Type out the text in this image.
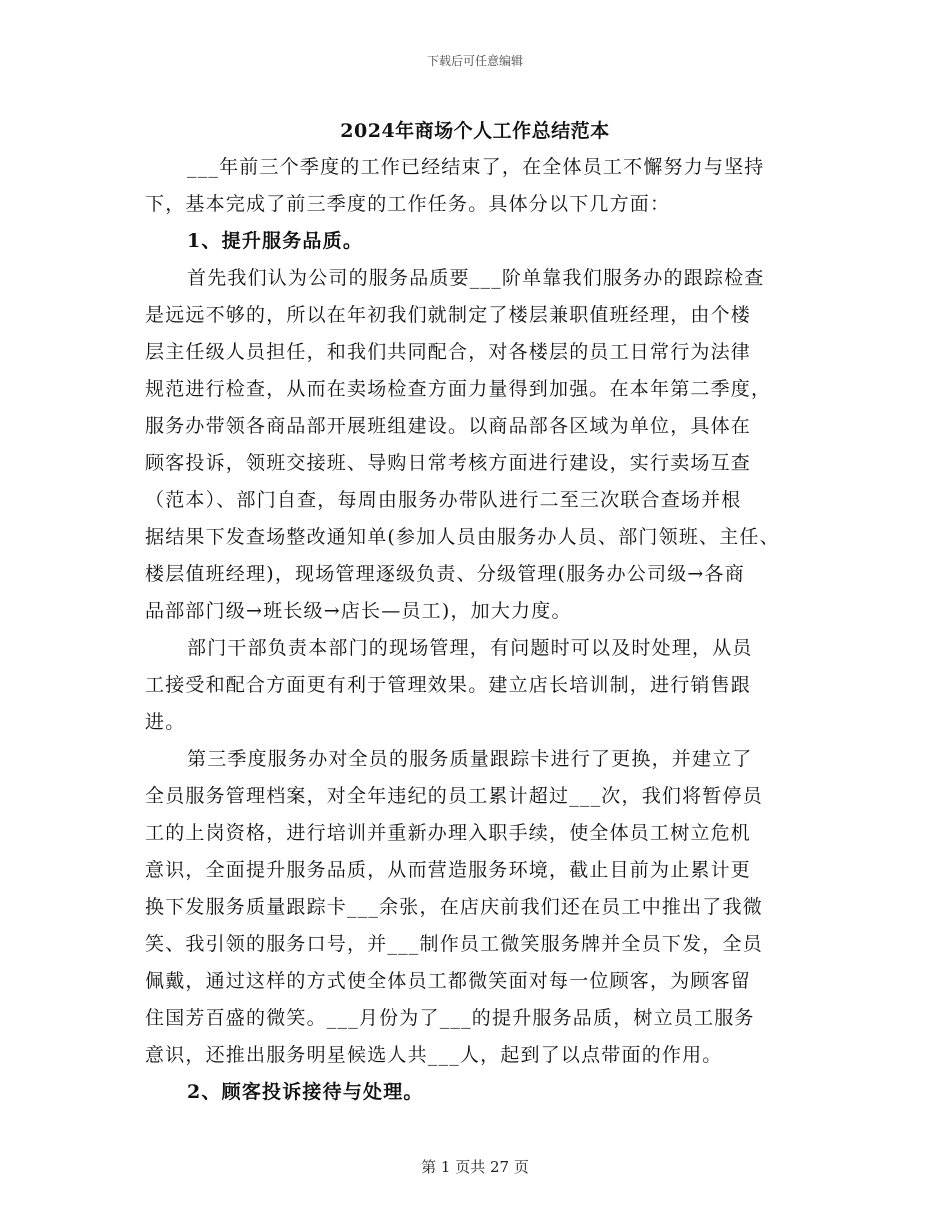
下载后可任意编辑
2024年商场个人工作总结范本
___年前三个季度的工作已经结束了，在全体员工不懈努力与坚持
下，基本完成了前三季度的工作任务。具体分以下几方面：
1、提升服务品质。
首先我们认为公司的服务品质要___阶单靠我们服务办的跟踪检查
是远远不够的，所以在年初我们就制定了楼层兼职值班经理，由个楼
层主任级人员担任，和我们共同配合，对各楼层的员工日常行为法律
规范进行检查，从而在卖场检查方面力量得到加强。在本年第二季度，
服务办带领各商品部开展班组建设。以商品部各区域为单位，具体在
顾客投诉，领班交接班、导购日常考核方面进行建设，实行卖场互查
（范本）、部门自查，每周由服务办带队进行二至三次联合查场并根
据结果下发查场整改通知单(参加人员由服务办人员、部门领班、主任、
楼层值班经理)，现场管理逐级负责、分级管理(服务办公司级→各商
品部部门级→班长级→店长—员工)，加大力度。
部门干部负责本部门的现场管理，有问题时可以及时处理，从员
工接受和配合方面更有利于管理效果。建立店长培训制，进行销售跟
进。
第三季度服务办对全员的服务质量跟踪卡进行了更换，并建立了
全员服务管理档案，对全年违纪的员工累计超过___次，我们将暂停员
工的上岗资格，进行培训并重新办理入职手续，使全体员工树立危机
意识，全面提升服务品质，从而营造服务环境，截止目前为止累计更
换下发服务质量跟踪卡___余张，在店庆前我们还在员工中推出了我微
笑、我引领的服务口号，并___制作员工微笑服务牌并全员下发，全员
佩戴，通过这样的方式使全体员工都微笑面对每一位顾客，为顾客留
住国芳百盛的微笑。___月份为了___的提升服务品质，树立员工服务
意识，还推出服务明星候选人共___人，起到了以点带面的作用。
2、顾客投诉接待与处理。
第 1 页共 27 页
